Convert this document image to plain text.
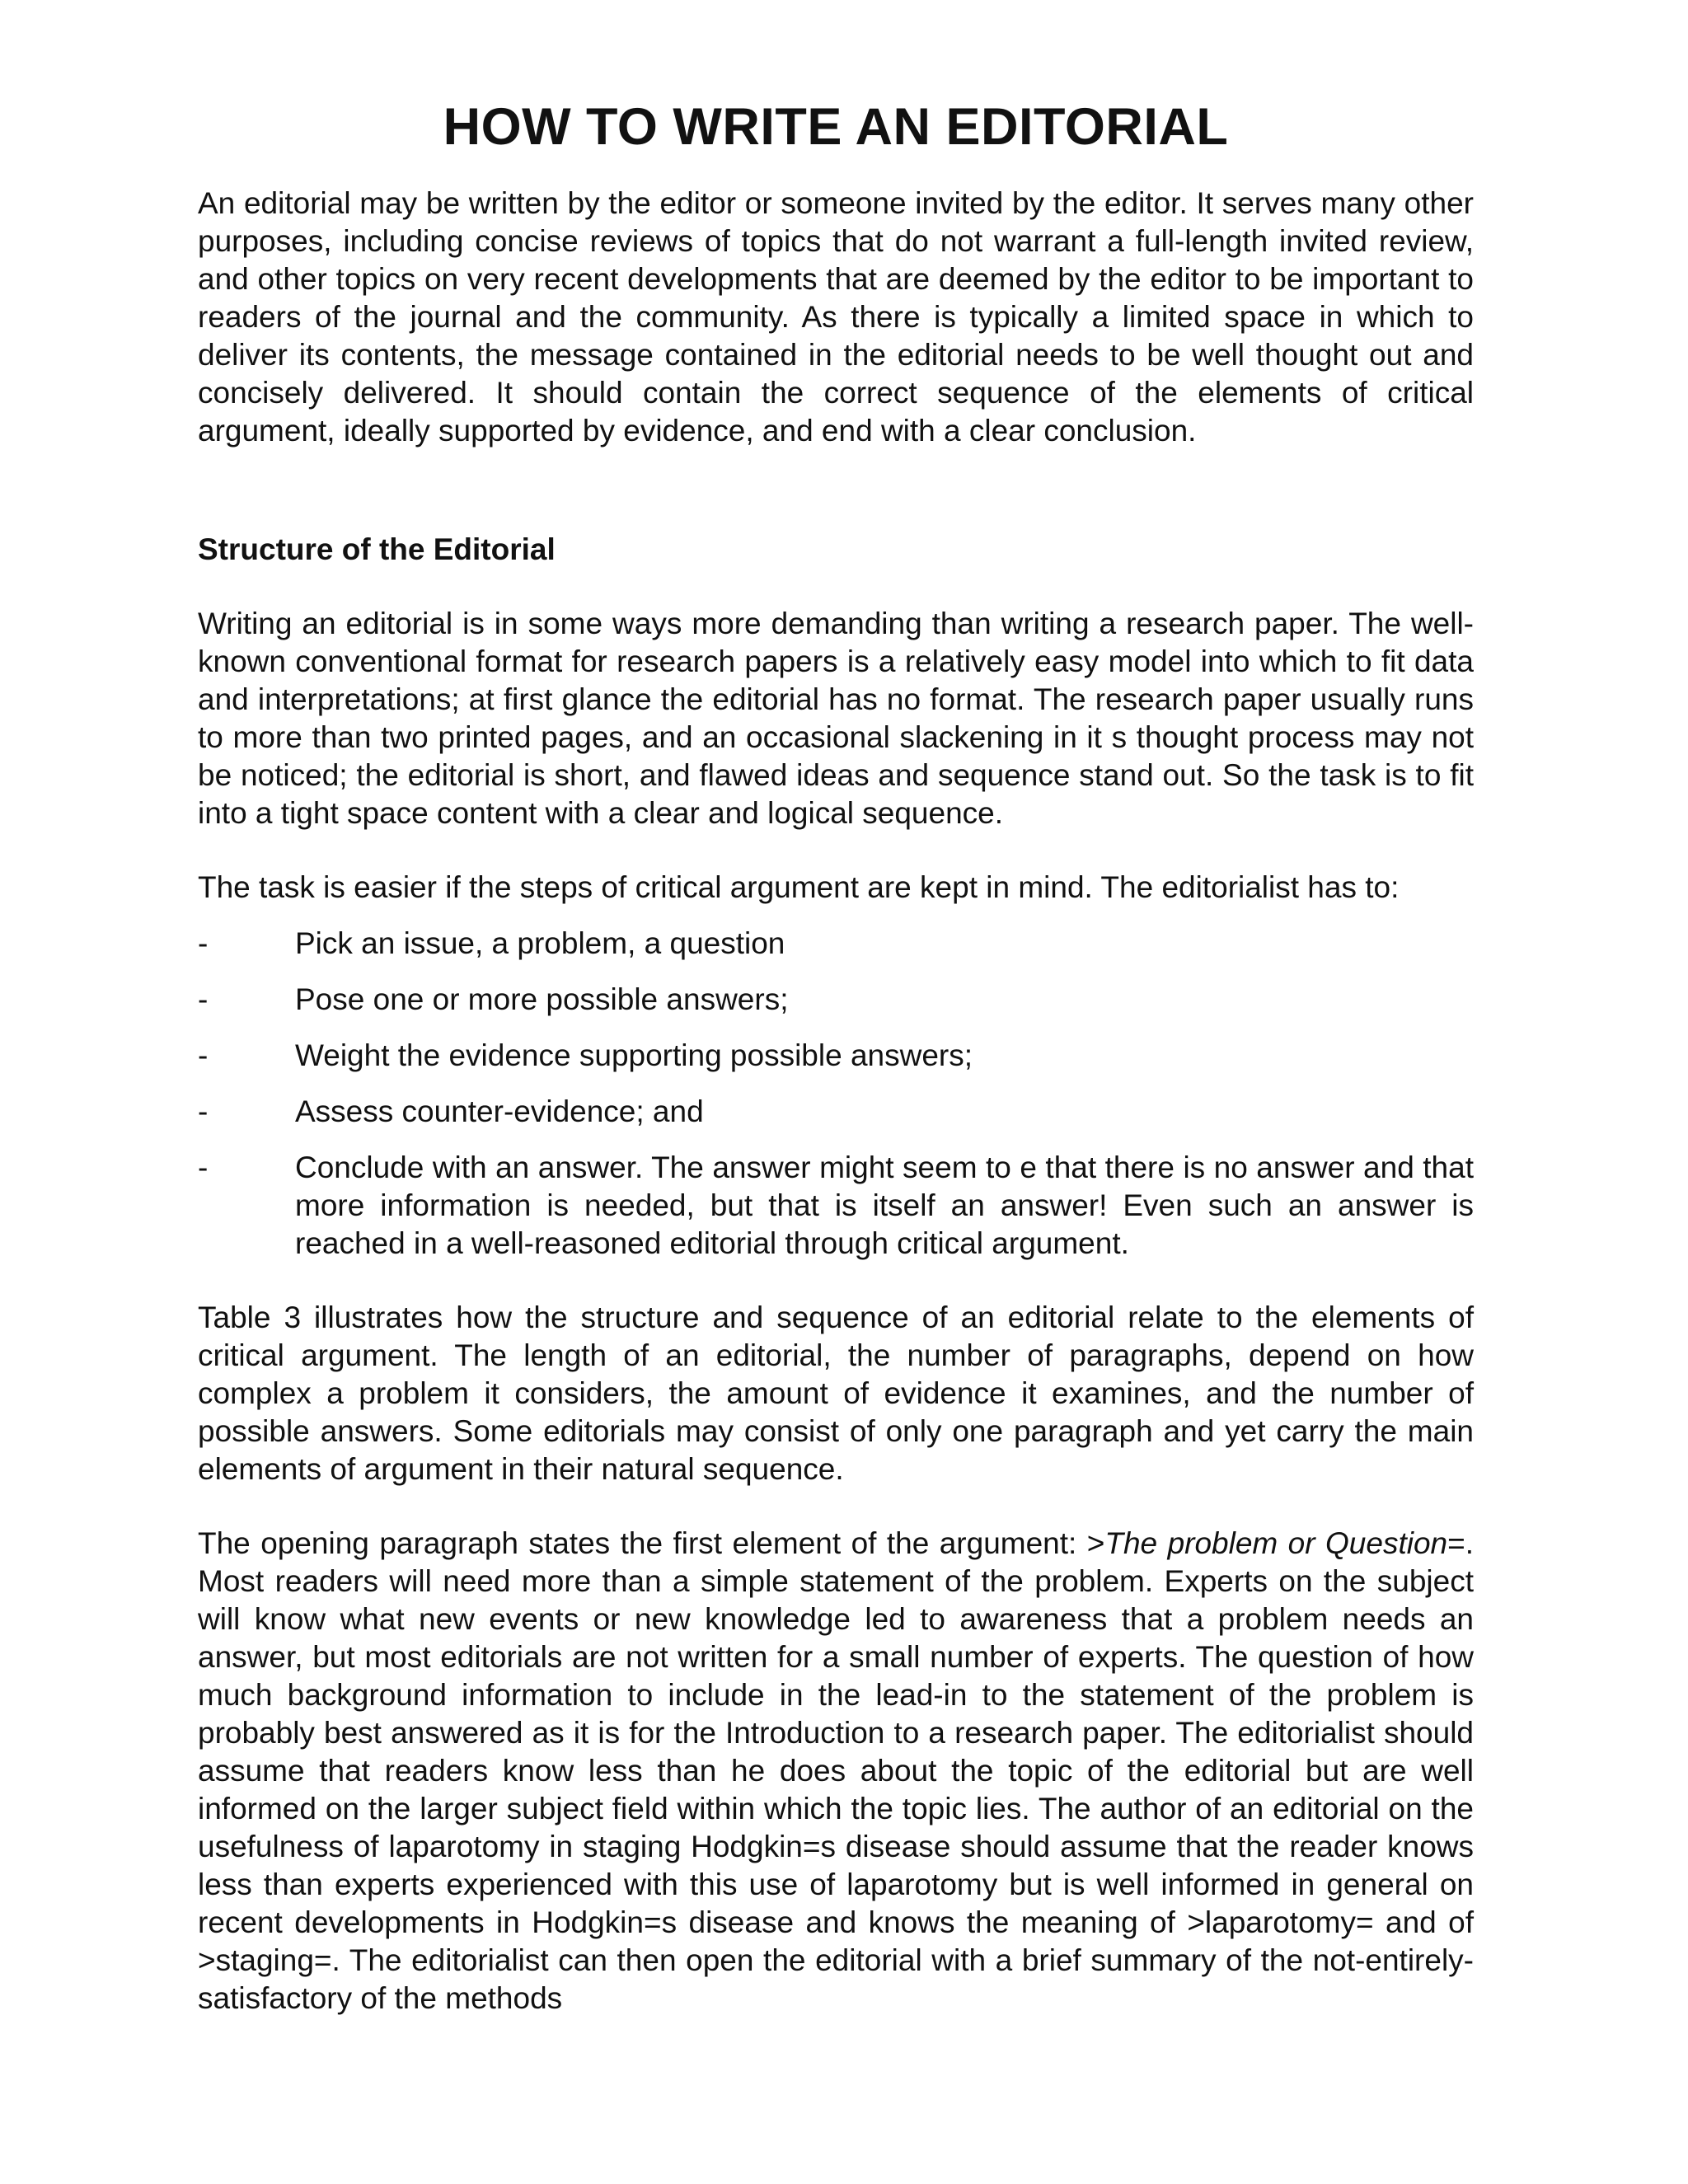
HOW TO WRITE AN EDITORIAL

An editorial may be written by the editor or someone invited by the editor. It serves many other purposes, including concise reviews of topics that do not warrant a full-length invited review, and other topics on very recent developments that are deemed by the editor to be important to readers of the journal and the community. As there is typically a limited space in which to deliver its contents, the message contained in the editorial needs to be well thought out and concisely delivered. It should contain the correct sequence of the elements of critical argument, ideally supported by evidence, and end with a clear conclusion.

Structure of the Editorial

Writing an editorial is in some ways more demanding than writing a research paper. The well-known conventional format for research papers is a relatively easy model into which to fit data and interpretations; at first glance the editorial has no format. The research paper usually runs to more than two printed pages, and an occasional slackening in it s thought process may not be noticed; the editorial is short, and flawed ideas and sequence stand out. So the task is to fit into a tight space content with a clear and logical sequence.

The task is easier if the steps of critical argument are kept in mind. The editorialist has to:

-	Pick an issue, a problem, a question
-	Pose one or more possible answers;
-	Weight the evidence supporting possible answers;
-	Assess counter-evidence; and
-	Conclude with an answer. The answer might seem to e that there is no answer and that more information is needed, but that is itself an answer! Even such an answer is reached in a well-reasoned editorial through critical argument.

Table 3 illustrates how the structure and sequence of an editorial relate to the elements of critical argument. The length of an editorial, the number of paragraphs, depend on how complex a problem it considers, the amount of evidence it examines, and the number of possible answers. Some editorials may consist of only one paragraph and yet carry the main elements of argument in their natural sequence.

The opening paragraph states the first element of the argument: >The problem or Question=. Most readers will need more than a simple statement of the problem. Experts on the subject will know what new events or new knowledge led to awareness that a problem needs an answer, but most editorials are not written for a small number of experts. The question of how much background information to include in the lead-in to the statement of the problem is probably best answered as it is for the Introduction to a research paper. The editorialist should assume that readers know less than he does about the topic of the editorial but are well informed on the larger subject field within which the topic lies. The author of an editorial on the usefulness of laparotomy in staging Hodgkin=s disease should assume that the reader knows less than experts experienced with this use of laparotomy but is well informed in general on recent developments in Hodgkin=s disease and knows the meaning of >laparotomy= and of >staging=. The editorialist can then open the editorial with a brief summary of the not-entirely-satisfactory of the methods
